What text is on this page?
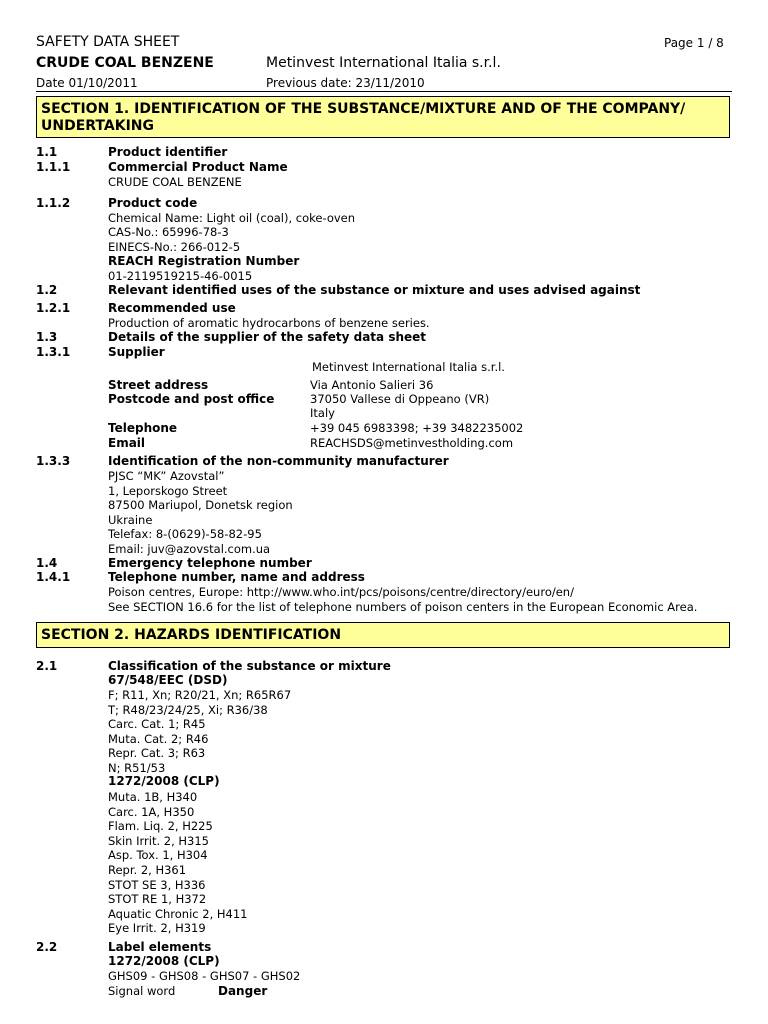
SAFETY DATA SHEET	Page 1 / 8
CRUDE COAL BENZENE	Metinvest International Italia s.r.l.
Date 01/10/2011	Previous date: 23/11/2010
SECTION 1. IDENTIFICATION OF THE SUBSTANCE/MIXTURE AND OF THE COMPANY/ UNDERTAKING
1.1	Product identifier
1.1.1	Commercial Product Name
CRUDE COAL BENZENE
1.1.2	Product code
Chemical Name: Light oil (coal), coke-oven
CAS-No.: 65996-78-3
EINECS-No.: 266-012-5
REACH Registration Number
01-2119519215-46-0015
1.2	Relevant identified uses of the substance or mixture and uses advised against
1.2.1	Recommended use
Production of aromatic hydrocarbons of benzene series.
1.3	Details of the supplier of the safety data sheet
1.3.1	Supplier
Metinvest International Italia s.r.l.
Street address	Via Antonio Salieri 36
Postcode and post office	37050 Vallese di Oppeano (VR)
Italy
Telephone	+39 045 6983398; +39 3482235002
Email	REACHSDS@metinvestholding.com
1.3.3	Identification of the non-community manufacturer
PJSC “MK” Azovstal”
1, Leporskogo Street
87500 Mariupol, Donetsk region
Ukraine
Telefax: 8-(0629)-58-82-95
Email: juv@azovstal.com.ua
1.4	Emergency telephone number
1.4.1	Telephone number, name and address
Poison centres, Europe: http://www.who.int/pcs/poisons/centre/directory/euro/en/
See SECTION 16.6 for the list of telephone numbers of poison centers in the European Economic Area.
SECTION 2. HAZARDS IDENTIFICATION
2.1	Classification of the substance or mixture
67/548/EEC (DSD)
F; R11, Xn; R20/21, Xn; R65R67
T; R48/23/24/25, Xi; R36/38
Carc. Cat. 1; R45
Muta. Cat. 2; R46
Repr. Cat. 3; R63
N; R51/53
1272/2008 (CLP)
Muta. 1B, H340
Carc. 1A, H350
Flam. Liq. 2, H225
Skin Irrit. 2, H315
Asp. Tox. 1, H304
Repr. 2, H361
STOT SE 3, H336
STOT RE 1, H372
Aquatic Chronic 2, H411
Eye Irrit. 2, H319
2.2	Label elements
1272/2008 (CLP)
GHS09 - GHS08 - GHS07 - GHS02
Signal word	Danger
